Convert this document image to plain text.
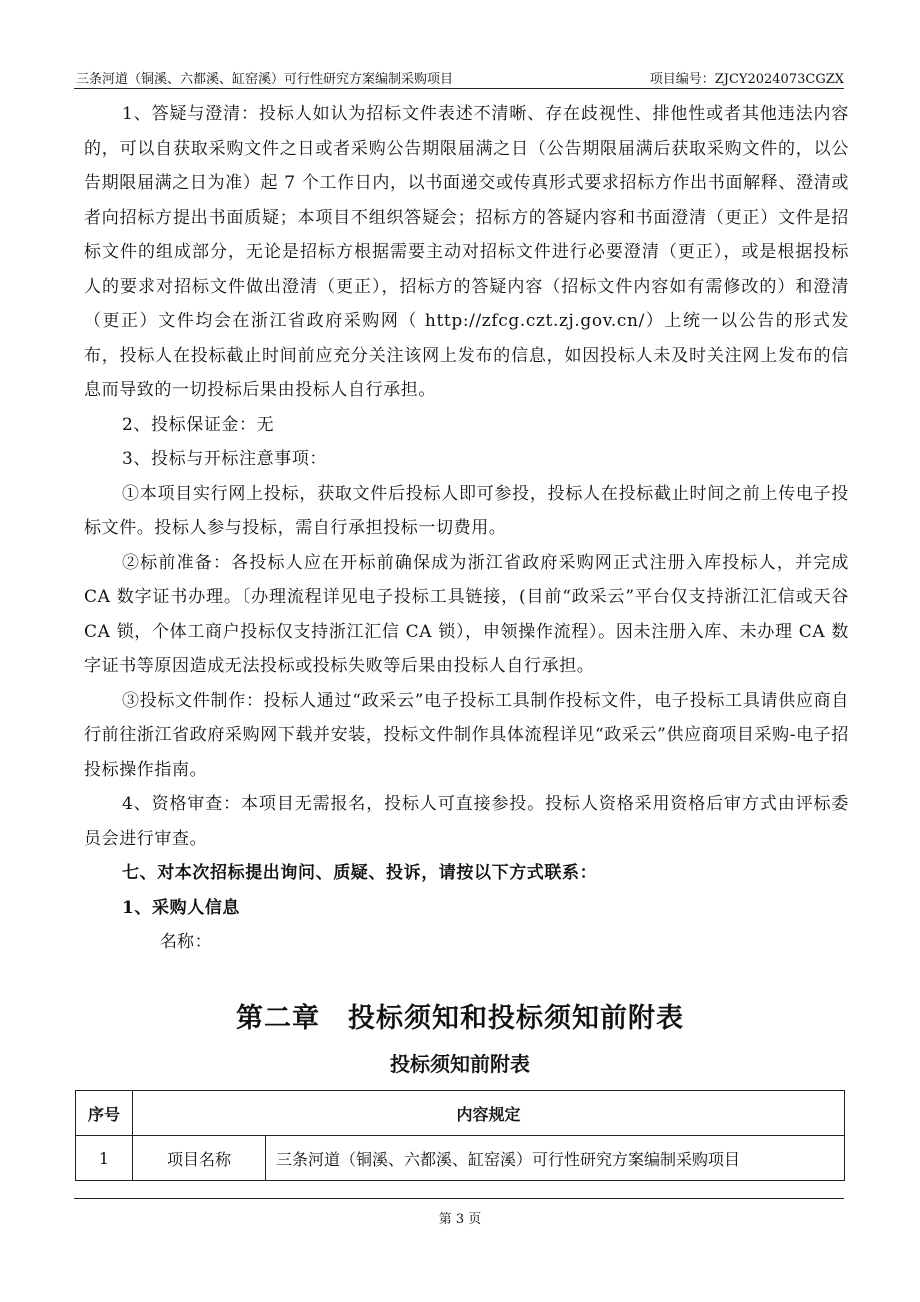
三条河道（铜溪、六都溪、缸窑溪）可行性研究方案编制采购项目	项目编号：ZJCY2024073CGZX

1、答疑与澄清：投标人如认为招标文件表述不清晰、存在歧视性、排他性或者其他违法内容的，可以自获取采购文件之日或者采购公告期限届满之日（公告期限届满后获取采购文件的，以公告期限届满之日为准）起 7 个工作日内，以书面递交或传真形式要求招标方作出书面解释、澄清或者向招标方提出书面质疑；本项目不组织答疑会；招标方的答疑内容和书面澄清（更正）文件是招标文件的组成部分，无论是招标方根据需要主动对招标文件进行必要澄清（更正），或是根据投标人的要求对招标文件做出澄清（更正），招标方的答疑内容（招标文件内容如有需修改的）和澄清（更正）文件均会在浙江省政府采购网（ http://zfcg.czt.zj.gov.cn/）上统一以公告的形式发布，投标人在投标截止时间前应充分关注该网上发布的信息，如因投标人未及时关注网上发布的信息而导致的一切投标后果由投标人自行承担。

2、投标保证金：无

3、投标与开标注意事项：

①本项目实行网上投标，获取文件后投标人即可参投，投标人在投标截止时间之前上传电子投标文件。投标人参与投标，需自行承担投标一切费用。

②标前准备：各投标人应在开标前确保成为浙江省政府采购网正式注册入库投标人，并完成 CA 数字证书办理。〔办理流程详见电子投标工具链接，(目前“政采云”平台仅支持浙江汇信或天谷 CA 锁，个体工商户投标仅支持浙江汇信 CA 锁），申领操作流程）。因未注册入库、未办理 CA 数字证书等原因造成无法投标或投标失败等后果由投标人自行承担。

③投标文件制作：投标人通过“政采云”电子投标工具制作投标文件，电子投标工具请供应商自行前往浙江省政府采购网下载并安装，投标文件制作具体流程详见“政采云”供应商项目采购-电子招投标操作指南。

4、资格审查：本项目无需报名，投标人可直接参投。投标人资格采用资格后审方式由评标委员会进行审查。

七、对本次招标提出询问、质疑、投诉，请按以下方式联系：

1、采购人信息

名称：

第二章　投标须知和投标须知前附表
投标须知前附表
序号	内容规定	
1	项目名称	三条河道（铜溪、六都溪、缸窑溪）可行性研究方案编制采购项目
第 3 页
